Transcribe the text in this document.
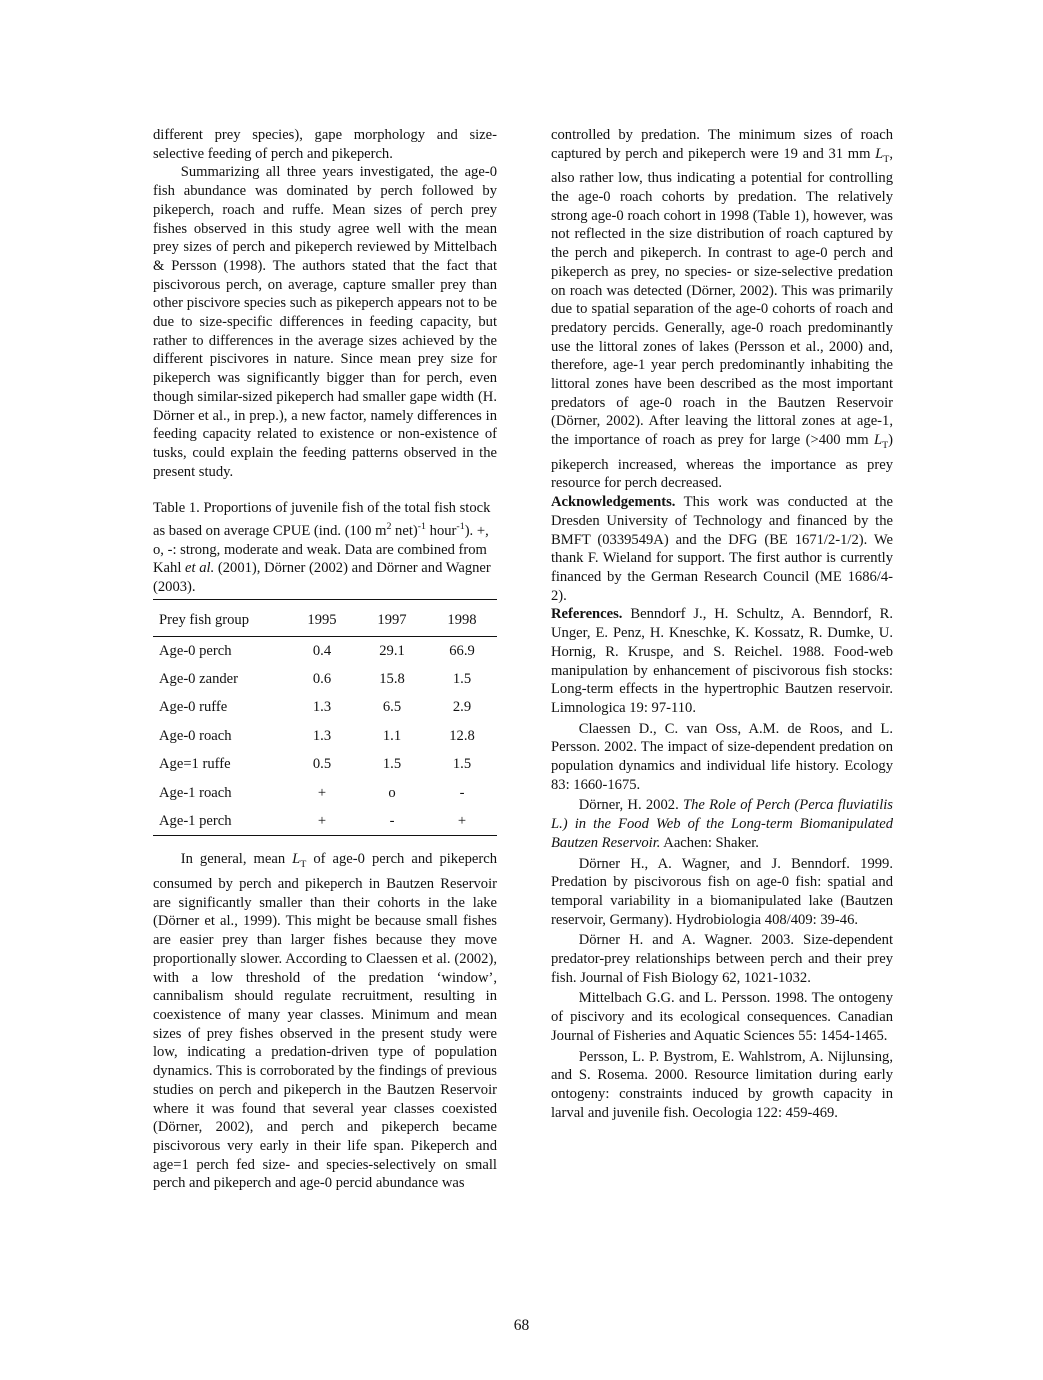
different prey species), gape morphology and size-selective feeding of perch and pikeperch.

Summarizing all three years investigated, the age-0 fish abundance was dominated by perch followed by pikeperch, roach and ruffe. Mean sizes of perch prey fishes observed in this study agree well with the mean prey sizes of perch and pikeperch reviewed by Mittelbach & Persson (1998). The authors stated that the fact that piscivorous perch, on average, capture smaller prey than other piscivore species such as pikeperch appears not to be due to size-specific differences in feeding capacity, but rather to differences in the average sizes achieved by the different piscivores in nature. Since mean prey size for pikeperch was significantly bigger than for perch, even though similar-sized pikeperch had smaller gape width (H. Dörner et al., in prep.), a new factor, namely differences in feeding capacity related to existence or non-existence of tusks, could explain the feeding patterns observed in the present study.

Table 1. Proportions of juvenile fish of the total fish stock as based on average CPUE (ind. (100 $m^2$ net)$^{-1}$ hour$^{-1}$). +, o, -: strong, moderate and weak. Data are combined from Kahl et al. (2001), Dörner (2002) and Dörner and Wagner (2003).

Prey fish group	1995	1997	1998
Age-0 perch	0.4	29.1	66.9
Age-0 zander	0.6	15.8	1.5
Age-0 ruffe	1.3	6.5	2.9
Age-0 roach	1.3	1.1	12.8
Age=1 ruffe	0.5	1.5	1.5
Age-1 roach	+	o	-
Age-1 perch	+	-	+

In general, mean $L_T$ of age-0 perch and pikeperch consumed by perch and pikeperch in Bautzen Reservoir are significantly smaller than their cohorts in the lake (Dörner et al., 1999). This might be because small fishes are easier prey than larger fishes because they move proportionally slower. According to Claessen et al. (2002), with a low threshold of the predation ‘window’, cannibalism should regulate recruitment, resulting in coexistence of many year classes. Minimum and mean sizes of prey fishes observed in the present study were low, indicating a predation-driven type of population dynamics. This is corroborated by the findings of previous studies on perch and pikeperch in the Bautzen Reservoir where it was found that several year classes coexisted (Dörner, 2002), and perch and pikeperch became piscivorous very early in their life span. Pikeperch and age=1 perch fed size- and species-selectively on small perch and pikeperch and age-0 percid abundance was

controlled by predation. The minimum sizes of roach captured by perch and pikeperch were 19 and 31 mm $L_T$, also rather low, thus indicating a potential for controlling the age-0 roach cohorts by predation. The relatively strong age-0 roach cohort in 1998 (Table 1), however, was not reflected in the size distribution of roach captured by the perch and pikeperch. In contrast to age-0 perch and pikeperch as prey, no species- or size-selective predation on roach was detected (Dörner, 2002). This was primarily due to spatial separation of the age-0 cohorts of roach and predatory percids. Generally, age-0 roach predominantly use the littoral zones of lakes (Persson et al., 2000) and, therefore, age-1 year perch predominantly inhabiting the littoral zones have been described as the most important predators of age-0 roach in the Bautzen Reservoir (Dörner, 2002). After leaving the littoral zones at age-1, the importance of roach as prey for large (>400 mm $L_T$) pikeperch increased, whereas the importance as prey resource for perch decreased.

Acknowledgements. This work was conducted at the Dresden University of Technology and financed by the BMFT (0339549A) and the DFG (BE 1671/2-1/2). We thank F. Wieland for support. The first author is currently financed by the German Research Council (ME 1686/4-2).

References. Benndorf J., H. Schultz, A. Benndorf, R. Unger, E. Penz, H. Kneschke, K. Kossatz, R. Dumke, U. Hornig, R. Kruspe, and S. Reichel. 1988. Food-web manipulation by enhancement of piscivorous fish stocks: Long-term effects in the hypertrophic Bautzen reservoir. Limnologica 19: 97-110.

Claessen D., C. van Oss, A.M. de Roos, and L. Persson. 2002. The impact of size-dependent predation on population dynamics and individual life history. Ecology 83: 1660-1675.

Dörner, H. 2002. The Role of Perch (Perca fluviatilis L.) in the Food Web of the Long-term Biomanipulated Bautzen Reservoir. Aachen: Shaker.

Dörner H., A. Wagner, and J. Benndorf. 1999. Predation by piscivorous fish on age-0 fish: spatial and temporal variability in a biomanipulated lake (Bautzen reservoir, Germany). Hydrobiologia 408/409: 39-46.

Dörner H. and A. Wagner. 2003. Size-dependent predator-prey relationships between perch and their prey fish. Journal of Fish Biology 62, 1021-1032.

Mittelbach G.G. and L. Persson. 1998. The ontogeny of piscivory and its ecological consequences. Canadian Journal of Fisheries and Aquatic Sciences 55: 1454-1465.

Persson, L. P. Bystrom, E. Wahlstrom, A. Nijlunsing, and S. Rosema. 2000. Resource limitation during early ontogeny: constraints induced by growth capacity in larval and juvenile fish. Oecologia 122: 459-469.

68
